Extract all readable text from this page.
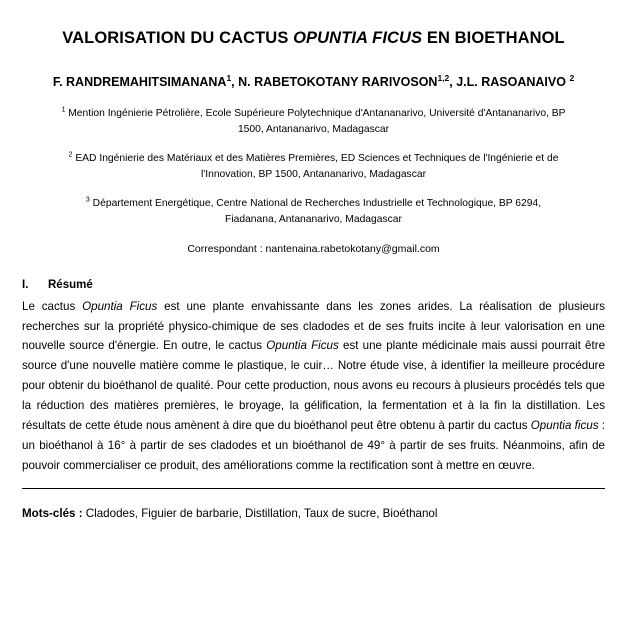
VALORISATION DU CACTUS OPUNTIA FICUS EN BIOETHANOL
F. RANDREMAHITSIMANANA$^1$, N. RABETOKOTANY RARIVOSON$^{1,2}$, J.L. RASOANAIVO $^2$
$^1$ Mention Ingénierie Pétrolière, Ecole Supérieure Polytechnique d'Antananarivo, Université d'Antananarivo, BP 1500, Antananarivo, Madagascar
$^2$ EAD Ingénierie des Matériaux et des Matières Premières, ED Sciences et Techniques de l'Ingénierie et de l'Innovation, BP 1500, Antananarivo, Madagascar
$^3$ Département Energétique, Centre National de Recherches Industrielle et Technologique, BP 6294, Fiadanana, Antananarivo, Madagascar
Correspondant : nantenaina.rabetokotany@gmail.com
I. Résumé

Le cactus Opuntia Ficus est une plante envahissante dans les zones arides. La réalisation de plusieurs recherches sur la propriété physico-chimique de ses cladodes et de ses fruits incite à leur valorisation en une nouvelle source d'énergie. En outre, le cactus Opuntia Ficus est une plante médicinale mais aussi pourrait être source d'une nouvelle matière comme le plastique, le cuir… Notre étude vise, à identifier la meilleure procédure pour obtenir du bioéthanol de qualité. Pour cette production, nous avons eu recours à plusieurs procédés tels que la réduction des matières premières, le broyage, la gélification, la fermentation et à la fin la distillation. Les résultats de cette étude nous amènent à dire que du bioéthanol peut être obtenu à partir du cactus Opuntia ficus : un bioéthanol à 16° à partir de ses cladodes et un bioéthanol de 49° à partir de ses fruits. Néanmoins, afin de pouvoir commercialiser ce produit, des améliorations comme la rectification sont à mettre en œuvre.

Mots-clés : Cladodes, Figuier de barbarie, Distillation, Taux de sucre, Bioéthanol
